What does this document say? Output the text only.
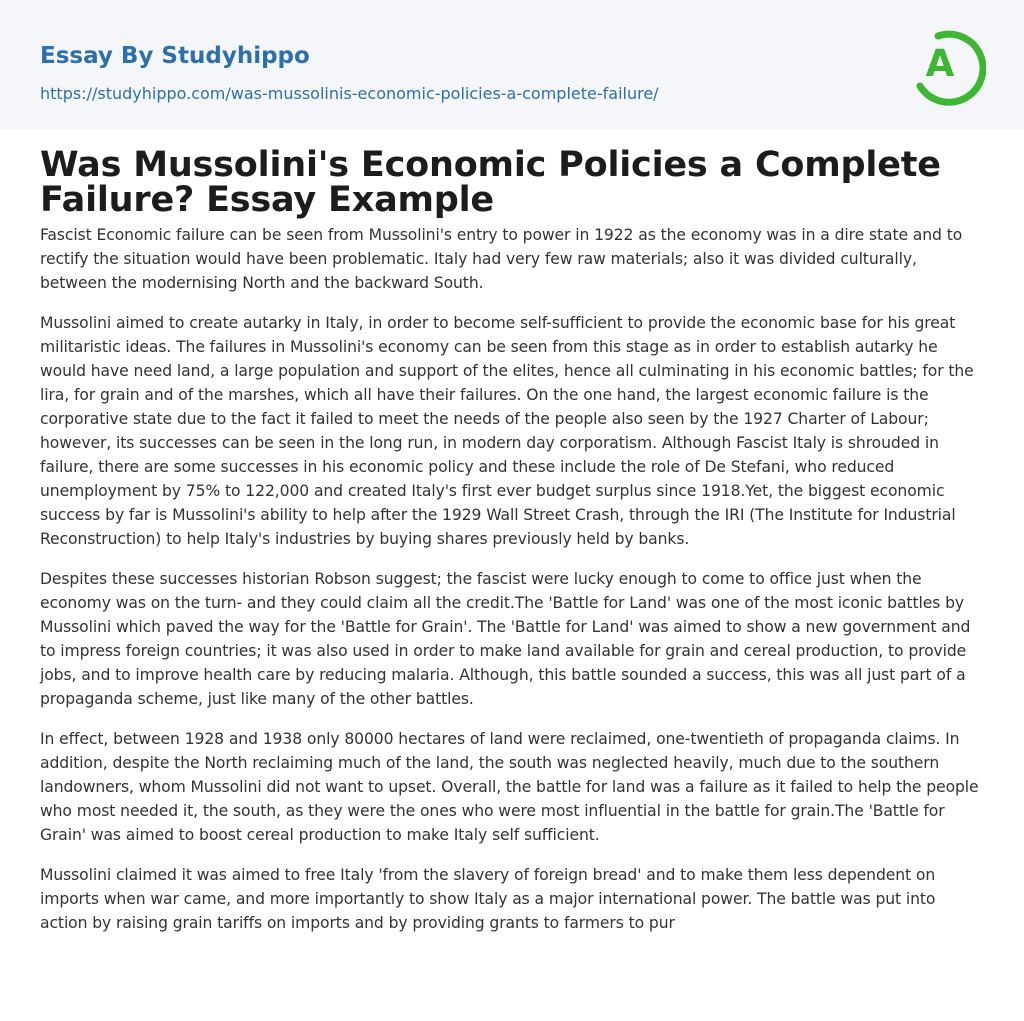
Essay By Studyhippo
https://studyhippo.com/was-mussolinis-economic-policies-a-complete-failure/
A
Was Mussolini's Economic Policies a Complete Failure? Essay Example

Fascist Economic failure can be seen from Mussolini's entry to power in 1922 as the economy was in a dire state and to rectify the situation would have been problematic. Italy had very few raw materials; also it was divided culturally, between the modernising North and the backward South.

Mussolini aimed to create autarky in Italy, in order to become self-sufficient to provide the economic base for his great militaristic ideas. The failures in Mussolini's economy can be seen from this stage as in order to establish autarky he would have need land, a large population and support of the elites, hence all culminating in his economic battles; for the lira, for grain and of the marshes, which all have their failures. On the one hand, the largest economic failure is the corporative state due to the fact it failed to meet the needs of the people also seen by the 1927 Charter of Labour; however, its successes can be seen in the long run, in modern day corporatism. Although Fascist Italy is shrouded in failure, there are some successes in his economic policy and these include the role of De Stefani, who reduced unemployment by 75% to 122,000 and created Italy's first ever budget surplus since 1918.Yet, the biggest economic success by far is Mussolini's ability to help after the 1929 Wall Street Crash, through the IRI (The Institute for Industrial Reconstruction) to help Italy's industries by buying shares previously held by banks.

Despites these successes historian Robson suggest; the fascist were lucky enough to come to office just when the economy was on the turn- and they could claim all the credit.The 'Battle for Land' was one of the most iconic battles by Mussolini which paved the way for the 'Battle for Grain'. The 'Battle for Land' was aimed to show a new government and to impress foreign countries; it was also used in order to make land available for grain and cereal production, to provide jobs, and to improve health care by reducing malaria. Although, this battle sounded a success, this was all just part of a propaganda scheme, just like many of the other battles.

In effect, between 1928 and 1938 only 80000 hectares of land were reclaimed, one-twentieth of propaganda claims. In addition, despite the North reclaiming much of the land, the south was neglected heavily, much due to the southern landowners, whom Mussolini did not want to upset. Overall, the battle for land was a failure as it failed to help the people who most needed it, the south, as they were the ones who were most influential in the battle for grain.The 'Battle for Grain' was aimed to boost cereal production to make Italy self sufficient.

Mussolini claimed it was aimed to free Italy 'from the slavery of foreign bread' and to make them less dependent on imports when war came, and more importantly to show Italy as a major international power. The battle was put into action by raising grain tariffs on imports and by providing grants to farmers to pur
